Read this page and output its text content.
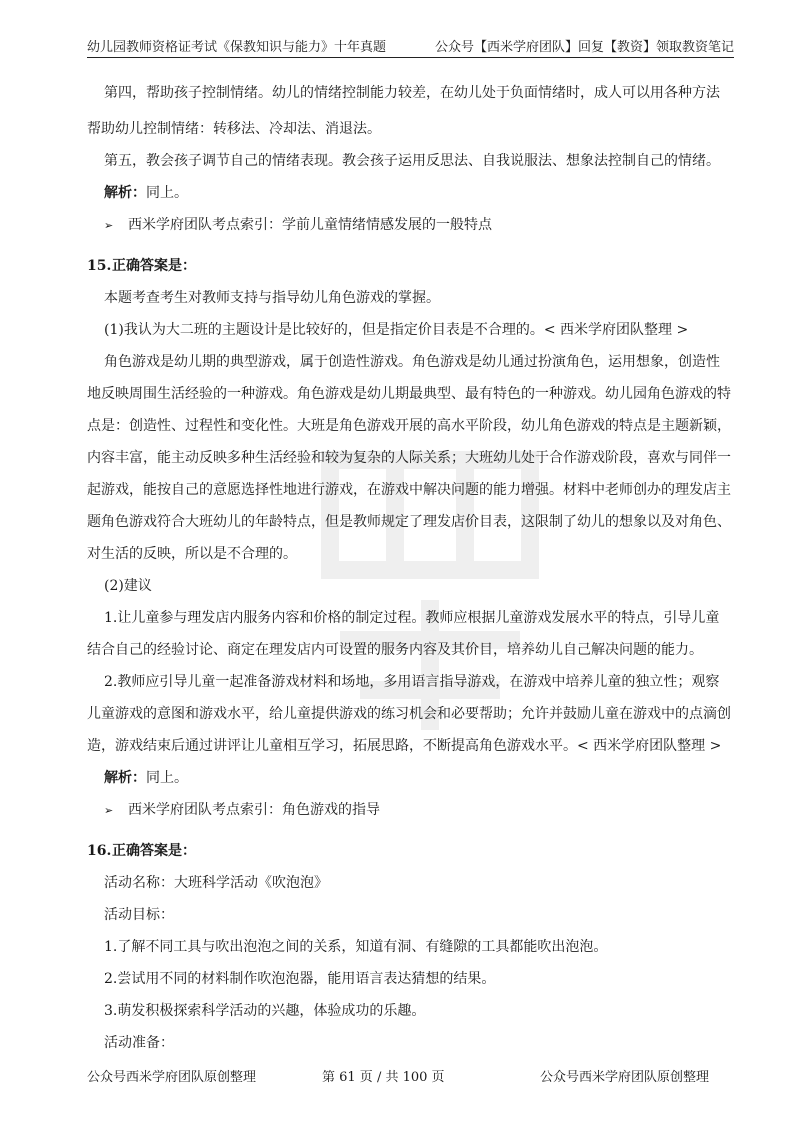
幼儿园教师资格证考试《保教知识与能力》十年真题	公众号【西米学府团队】回复【教资】领取教资笔记
第四，帮助孩子控制情绪。幼儿的情绪控制能力较差，在幼儿处于负面情绪时，成人可以用各种方法
帮助幼儿控制情绪：转移法、冷却法、消退法。
第五，教会孩子调节自己的情绪表现。教会孩子运用反思法、自我说服法、想象法控制自己的情绪。
解析：同上。
➢ 西米学府团队考点索引：学前儿童情绪情感发展的一般特点
15.正确答案是：
本题考查考生对教师支持与指导幼儿角色游戏的掌握。
(1)我认为大二班的主题设计是比较好的，但是指定价目表是不合理的。< 西米学府团队整理 >
角色游戏是幼儿期的典型游戏，属于创造性游戏。角色游戏是幼儿通过扮演角色，运用想象，创造性
地反映周围生活经验的一种游戏。角色游戏是幼儿期最典型、最有特色的一种游戏。幼儿园角色游戏的特
点是：创造性、过程性和变化性。大班是角色游戏开展的高水平阶段，幼儿角色游戏的特点是主题新颖，
内容丰富，能主动反映多种生活经验和较为复杂的人际关系；大班幼儿处于合作游戏阶段，喜欢与同伴一
起游戏，能按自己的意愿选择性地进行游戏，在游戏中解决问题的能力增强。材料中老师创办的理发店主
题角色游戏符合大班幼儿的年龄特点，但是教师规定了理发店价目表，这限制了幼儿的想象以及对角色、
对生活的反映，所以是不合理的。
(2)建议
1.让儿童参与理发店内服务内容和价格的制定过程。教师应根据儿童游戏发展水平的特点，引导儿童
结合自己的经验讨论、商定在理发店内可设置的服务内容及其价目，培养幼儿自己解决问题的能力。
2.教师应引导儿童一起准备游戏材料和场地，多用语言指导游戏，在游戏中培养儿童的独立性；观察
儿童游戏的意图和游戏水平，给儿童提供游戏的练习机会和必要帮助；允许并鼓励儿童在游戏中的点滴创
造，游戏结束后通过讲评让儿童相互学习，拓展思路，不断提高角色游戏水平。< 西米学府团队整理 >
解析：同上。
➢ 西米学府团队考点索引：角色游戏的指导
16.正确答案是：
活动名称：大班科学活动《吹泡泡》
活动目标：
1.了解不同工具与吹出泡泡之间的关系，知道有洞、有缝隙的工具都能吹出泡泡。
2.尝试用不同的材料制作吹泡泡器，能用语言表达猜想的结果。
3.萌发积极探索科学活动的兴趣，体验成功的乐趣。
活动准备：
公众号西米学府团队原创整理	第 61 页 / 共 100 页	公众号西米学府团队原创整理
